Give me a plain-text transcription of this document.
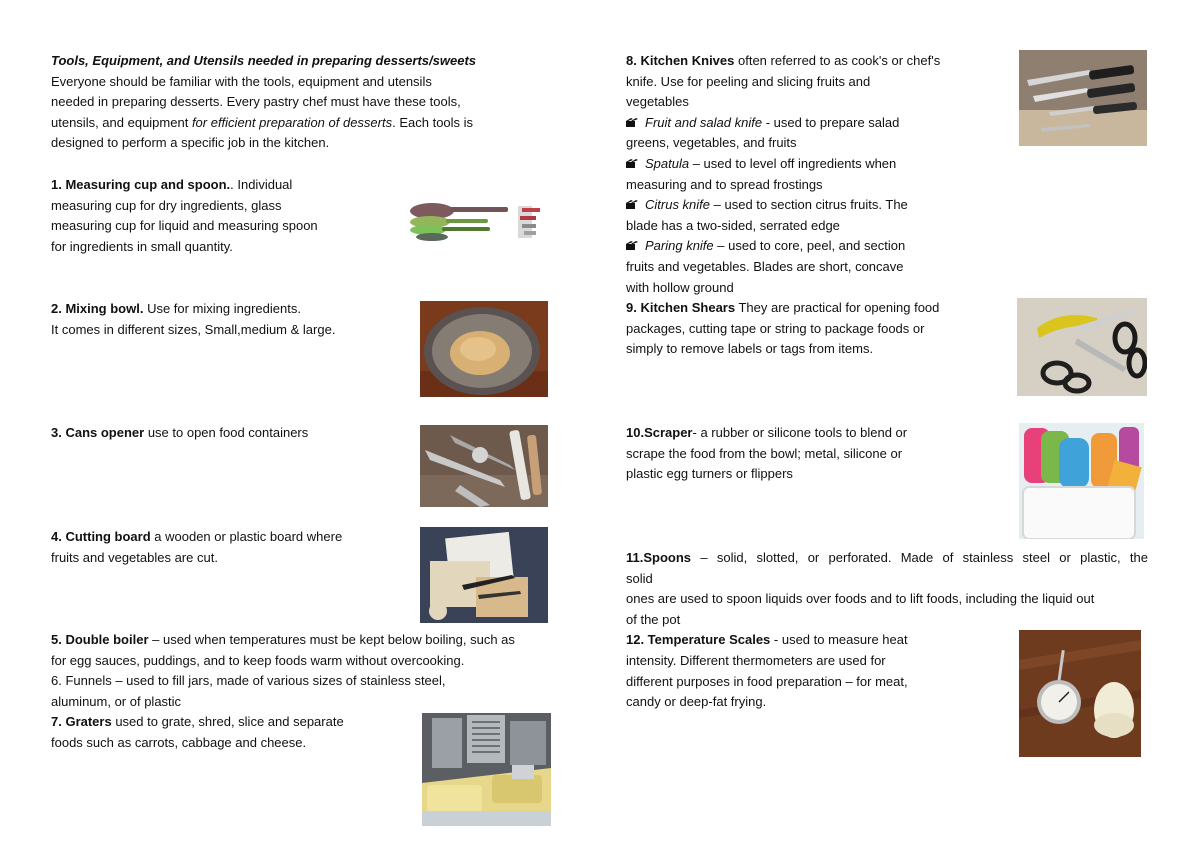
Tools, Equipment, and Utensils needed in preparing desserts/sweets
Everyone should be familiar with the tools, equipment and utensils
needed in preparing desserts. Every pastry chef must have these tools,
utensils, and equipment for efficient preparation of desserts. Each tools is
designed to perform a specific job in the kitchen.
1. Measuring cup and spoon.. Individual
measuring cup for dry ingredients, glass
measuring cup for liquid and measuring spoon
for ingredients in small quantity.
2. Mixing bowl. Use for mixing ingredients.
It comes in different sizes, Small,medium & large.
3. Cans opener use to open food containers
4. Cutting board a wooden or plastic board where
fruits and vegetables are cut.
5. Double boiler – used when temperatures must be kept below boiling, such as
for egg sauces, puddings, and to keep foods warm without overcooking.
6. Funnels – used to fill jars, made of various sizes of stainless steel,
aluminum, or of plastic
7. Graters used to grate, shred, slice and separate
foods such as carrots, cabbage and cheese.
8. Kitchen Knives often referred to as cook's or chef's
knife. Use for peeling and slicing fruits and
vegetables
Fruit and salad knife - used to prepare salad
greens, vegetables, and fruits
Spatula – used to level off ingredients when
measuring and to spread frostings
Citrus knife – used to section citrus fruits. The
blade has a two-sided, serrated edge
Paring knife – used to core, peel, and section
fruits and vegetables. Blades are short, concave
with hollow ground
9. Kitchen Shears They are practical for opening food
packages, cutting tape or string to package foods or
simply to remove labels or tags from items.
10.Scraper- a rubber or silicone tools to blend or
scrape the food from the bowl; metal, silicone or
plastic egg turners or flippers
11.Spoons – solid, slotted, or perforated. Made of stainless steel or plastic, the
solid
ones are used to spoon liquids over foods and to lift foods, including the liquid out
of the pot
12. Temperature Scales - used to measure heat
intensity. Different thermometers are used for
different purposes in food preparation – for meat,
candy or deep-fat frying.
